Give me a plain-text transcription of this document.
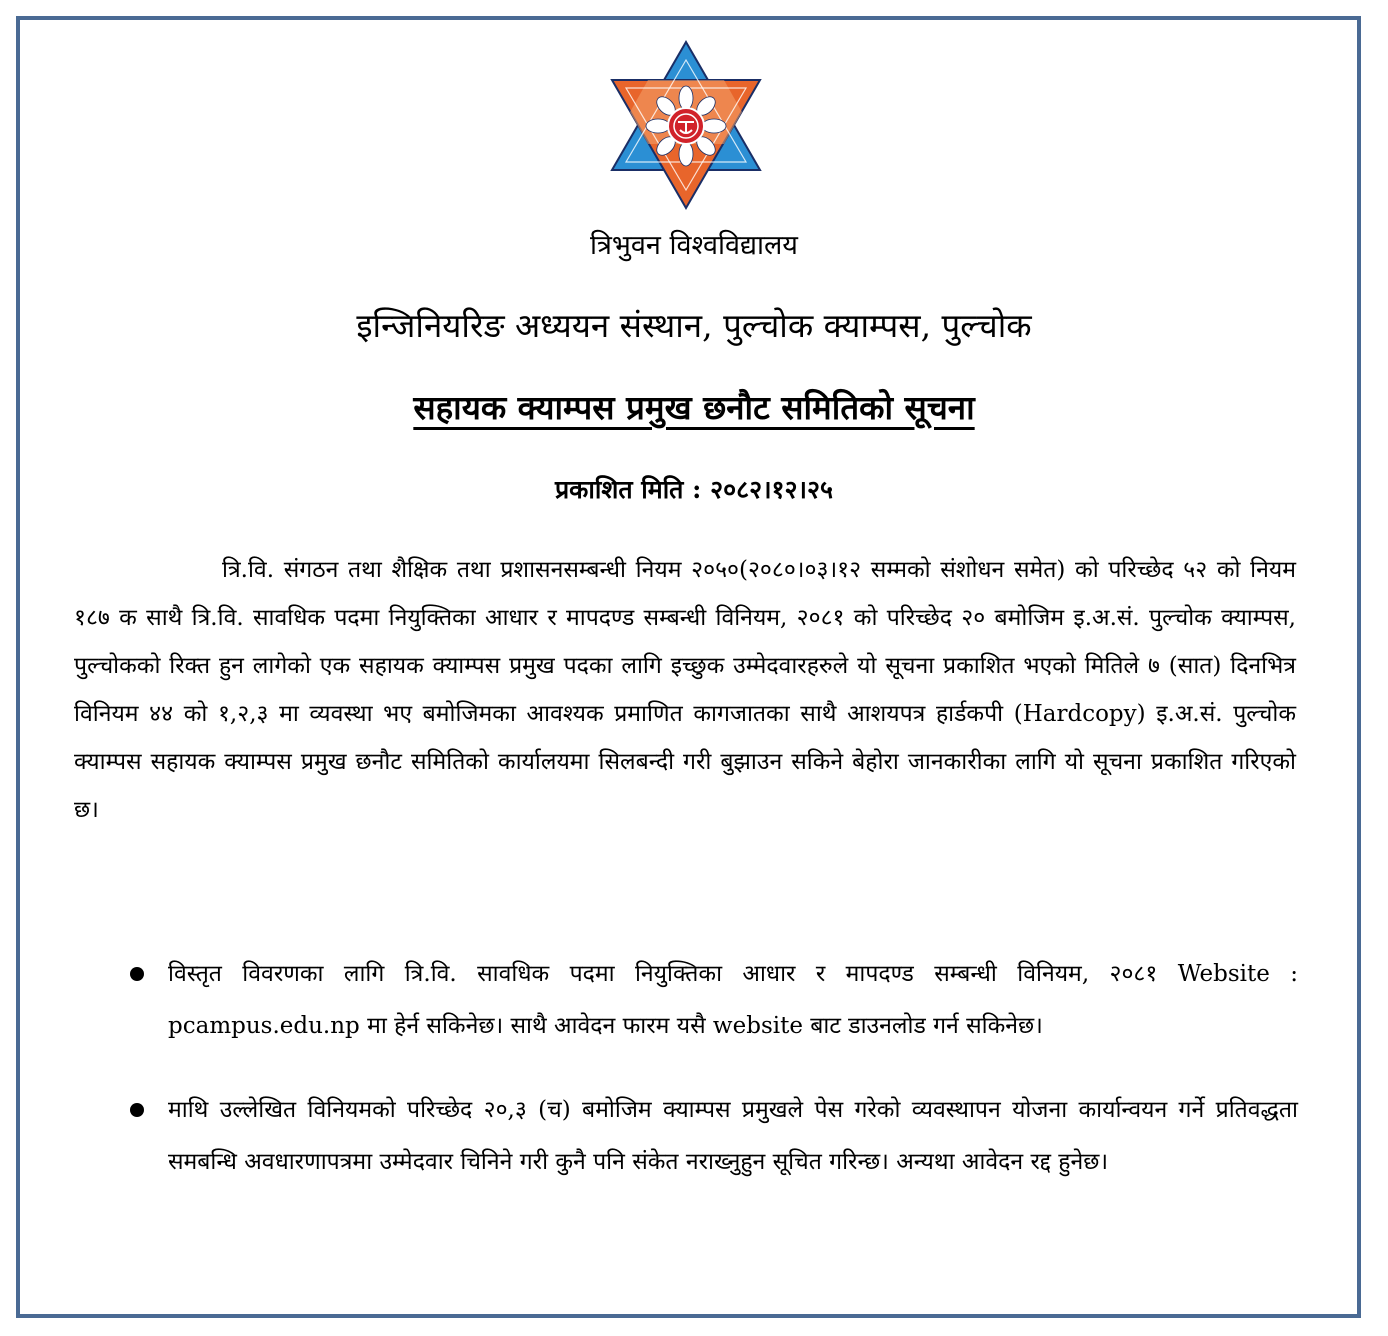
त्रिभुवन विश्वविद्यालय
इन्जिनियरिङ अध्ययन संस्थान, पुल्चोक क्याम्पस, पुल्चोक
सहायक क्याम्पस प्रमुख छनौट समितिको सूचना
प्रकाशित मिति : २०८२।१२।२५

त्रि.वि. संगठन तथा शैक्षिक तथा प्रशासनसम्बन्धी नियम २०५०(२०८०।०३।१२ सम्मको संशोधन समेत) को परिच्छेद ५२ को नियम १८७ क साथै त्रि.वि. सावधिक पदमा नियुक्तिका आधार र मापदण्ड सम्बन्धी विनियम, २०८१ को परिच्छेद २० बमोजिम इ.अ.सं. पुल्चोक क्याम्पस, पुल्चोकको रिक्त हुन लागेको एक सहायक क्याम्पस प्रमुख पदका लागि इच्छुक उम्मेदवारहरुले यो सूचना प्रकाशित भएको मितिले ७ (सात) दिनभित्र विनियम ४४ को १,२,३ मा व्यवस्था भए बमोजिमका आवश्यक प्रमाणित कागजातका साथै आशयपत्र हार्डकपी (Hardcopy) इ.अ.सं. पुल्चोक क्याम्पस सहायक क्याम्पस प्रमुख छनौट समितिको कार्यालयमा सिलबन्दी गरी बुझाउन सकिने बेहोरा जानकारीका लागि यो सूचना प्रकाशित गरिएको छ।

विस्तृत विवरणका लागि त्रि.वि. सावधिक पदमा नियुक्तिका आधार र मापदण्ड सम्बन्धी विनियम, २०८१ Website : pcampus.edu.np मा हेर्न सकिनेछ। साथै आवेदन फारम यसै website बाट डाउनलोड गर्न सकिनेछ।
माथि उल्लेखित विनियमको परिच्छेद २०,३ (च) बमोजिम क्याम्पस प्रमुखले पेस गरेको व्यवस्थापन योजना कार्यान्वयन गर्ने प्रतिवद्धता समबन्धि अवधारणापत्रमा उम्मेदवार चिनिने गरी कुनै पनि संकेत नराख्नुहुन सूचित गरिन्छ। अन्यथा आवेदन रद्द हुनेछ।
